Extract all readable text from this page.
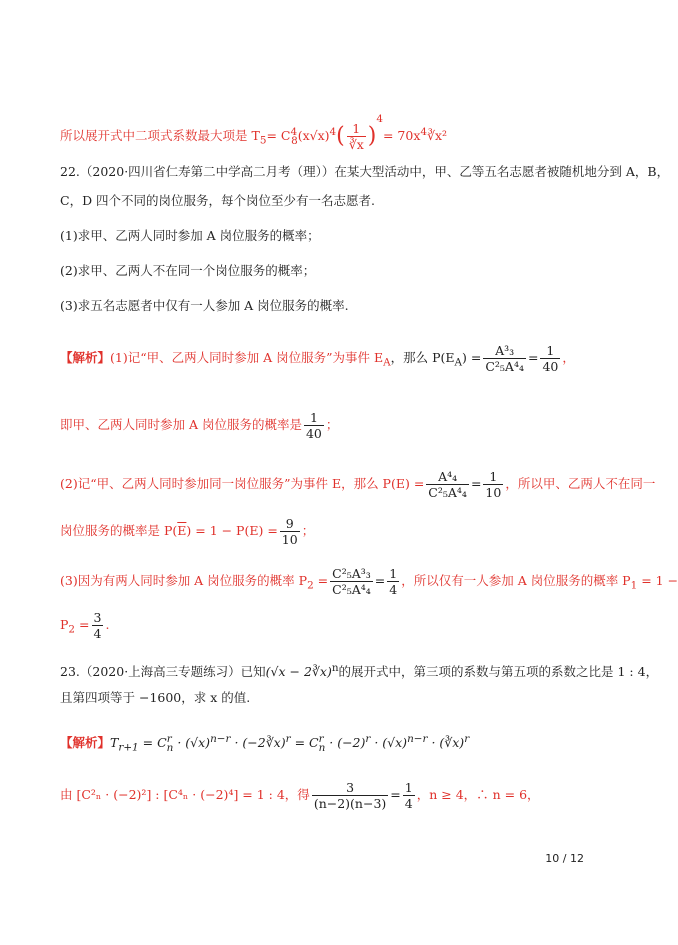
所以展开式中二项式系数最大项是 $T_5= C^4_8(x√x)^4( \frac{1}{∛x} )^4=$ $70x^4∛x^2$
22.（2020·四川省仁寿第二中学高二月考（理））在某大型活动中，甲、乙等五名志愿者被随机地分到 A，B，
C，D 四个不同的岗位服务，每个岗位至少有一名志愿者.
(1)求甲、乙两人同时参加 A 岗位服务的概率；
(2)求甲、乙两人不在同一个岗位服务的概率；
(3)求五名志愿者中仅有一人参加 A 岗位服务的概率.
【解析】(1)记“甲、乙两人同时参加 A 岗位服务”为事件 $E_A$，那么 $P(E_A) = \frac{\text{A³₃}}{\text{C²₅A⁴₄}} = \frac{1}{40}$ ，
即甲、乙两人同时参加 A 岗位服务的概率是 $\frac{1}{40}$ ；
(2)记“甲、乙两人同时参加同一岗位服务”为事件 E，那么 $P(E) = \frac{\text{A⁴₄}}{\text{C²₅A⁴₄}} = \frac{1}{10}$ ，所以甲、乙两人不在同一
岗位服务的概率是 $P(\overline{E}) = 1 - P(E) = \frac{9}{10}$ ；
(3)因为有两人同时参加 A 岗位服务的概率 $P_2 = \frac{\text{C²₅A³₃}}{\text{C²₅A⁴₄}} = \frac{1}{4}$ ，所以仅有一人参加 A 岗位服务的概率 $P_1 = 1$ −
$P_2 = \frac{3}{4}$ .
23.（2020·上海高三专题练习）已知(√x − 2∛x)$^n$的展开式中，第三项的系数与第五项的系数之比是 1 : 4，
且第四项等于 −1600，求 x 的值.
【解析】$T_{r+1} = C^r_n \cdot (√x)^{n-r}$ · (−2∛x)$^r$ = $C^r_n \cdot (-2)^r \cdot (√x)^{n-r}$ · (∛x)$^r$
由 [C²ₙ · (−2)²] : [C⁴ₙ · (−2)⁴] = 1 : 4，得 $\frac{3}{(n-2)(n-3)} = \frac{1}{4}$ ，n ≥ 4，∴ n = 6，
10 / 12
